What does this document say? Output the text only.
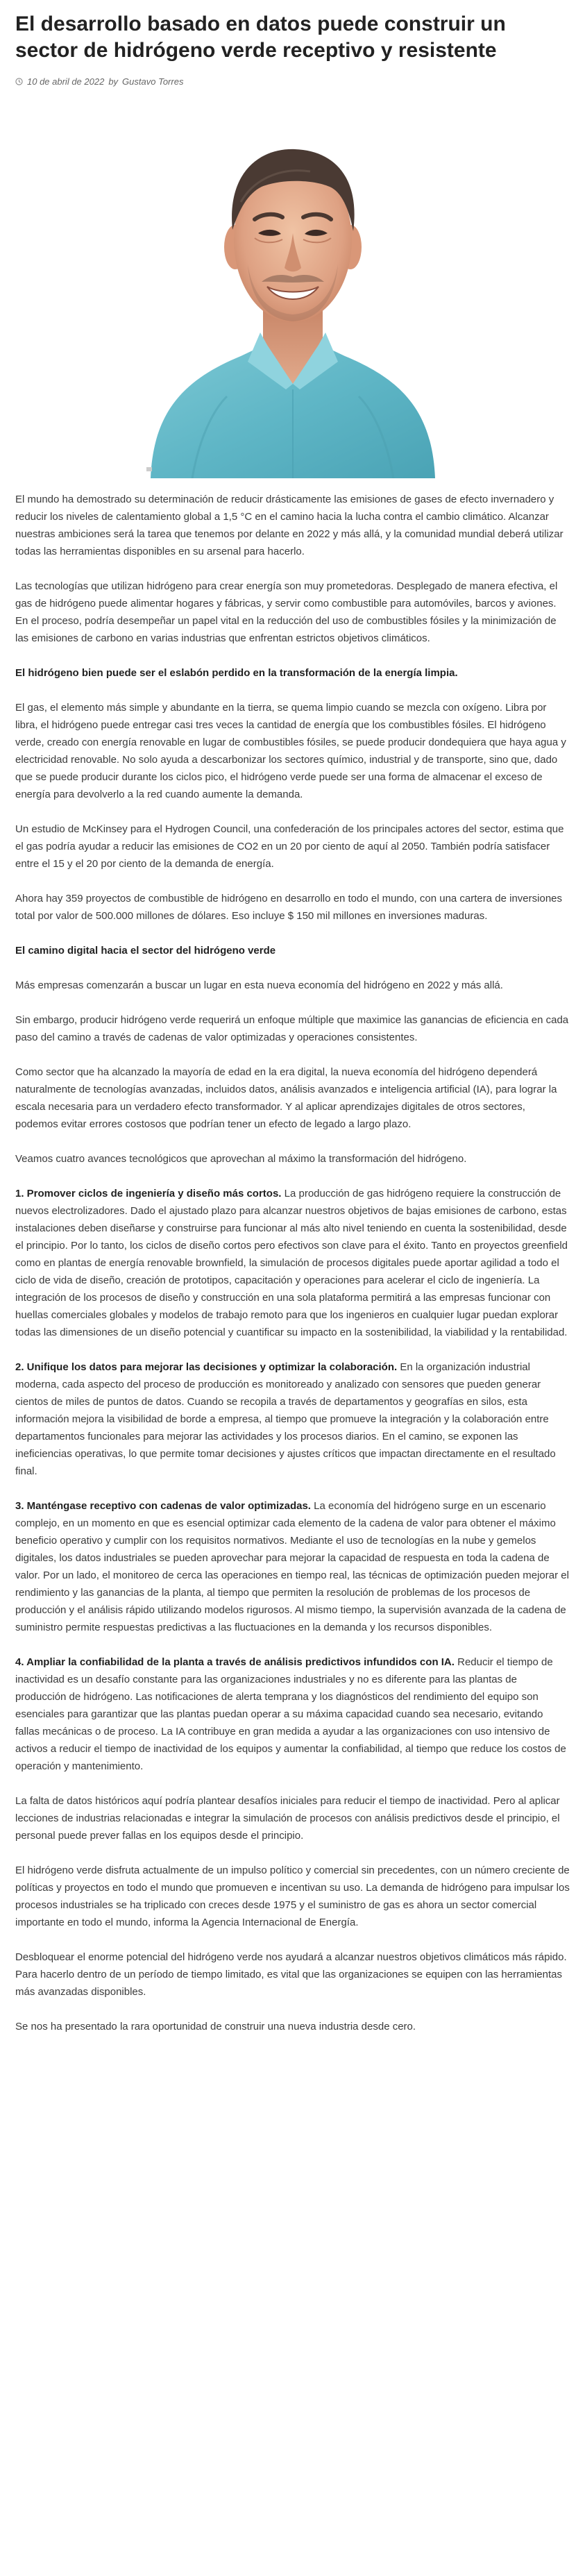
El desarrollo basado en datos puede construir un sector de hidrógeno verde receptivo y resistente
10 de abril de 2022 by Gustavo Torres

El mundo ha demostrado su determinación de reducir drásticamente las emisiones de gases de efecto invernadero y reducir los niveles de calentamiento global a 1,5 °C en el camino hacia la lucha contra el cambio climático. Alcanzar nuestras ambiciones será la tarea que tenemos por delante en 2022 y más allá, y la comunidad mundial deberá utilizar todas las herramientas disponibles en su arsenal para hacerlo.

Las tecnologías que utilizan hidrógeno para crear energía son muy prometedoras. Desplegado de manera efectiva, el gas de hidrógeno puede alimentar hogares y fábricas, y servir como combustible para automóviles, barcos y aviones. En el proceso, podría desempeñar un papel vital en la reducción del uso de combustibles fósiles y la minimización de las emisiones de carbono en varias industrias que enfrentan estrictos objetivos climáticos.

El hidrógeno bien puede ser el eslabón perdido en la transformación de la energía limpia.

El gas, el elemento más simple y abundante en la tierra, se quema limpio cuando se mezcla con oxígeno. Libra por libra, el hidrógeno puede entregar casi tres veces la cantidad de energía que los combustibles fósiles. El hidrógeno verde, creado con energía renovable en lugar de combustibles fósiles, se puede producir dondequiera que haya agua y electricidad renovable. No solo ayuda a descarbonizar los sectores químico, industrial y de transporte, sino que, dado que se puede producir durante los ciclos pico, el hidrógeno verde puede ser una forma de almacenar el exceso de energía para devolverlo a la red cuando aumente la demanda.

Un estudio de McKinsey para el Hydrogen Council, una confederación de los principales actores del sector, estima que el gas podría ayudar a reducir las emisiones de CO2 en un 20 por ciento de aquí al 2050. También podría satisfacer entre el 15 y el 20 por ciento de la demanda de energía.

Ahora hay 359 proyectos de combustible de hidrógeno en desarrollo en todo el mundo, con una cartera de inversiones total por valor de 500.000 millones de dólares. Eso incluye $ 150 mil millones en inversiones maduras.

El camino digital hacia el sector del hidrógeno verde

Más empresas comenzarán a buscar un lugar en esta nueva economía del hidrógeno en 2022 y más allá.

Sin embargo, producir hidrógeno verde requerirá un enfoque múltiple que maximice las ganancias de eficiencia en cada paso del camino a través de cadenas de valor optimizadas y operaciones consistentes.

Como sector que ha alcanzado la mayoría de edad en la era digital, la nueva economía del hidrógeno dependerá naturalmente de tecnologías avanzadas, incluidos datos, análisis avanzados e inteligencia artificial (IA), para lograr la escala necesaria para un verdadero efecto transformador. Y al aplicar aprendizajes digitales de otros sectores, podemos evitar errores costosos que podrían tener un efecto de legado a largo plazo.

Veamos cuatro avances tecnológicos que aprovechan al máximo la transformación del hidrógeno.

1. Promover ciclos de ingeniería y diseño más cortos. La producción de gas hidrógeno requiere la construcción de nuevos electrolizadores. Dado el ajustado plazo para alcanzar nuestros objetivos de bajas emisiones de carbono, estas instalaciones deben diseñarse y construirse para funcionar al más alto nivel teniendo en cuenta la sostenibilidad, desde el principio. Por lo tanto, los ciclos de diseño cortos pero efectivos son clave para el éxito. Tanto en proyectos greenfield como en plantas de energía renovable brownfield, la simulación de procesos digitales puede aportar agilidad a todo el ciclo de vida de diseño, creación de prototipos, capacitación y operaciones para acelerar el ciclo de ingeniería. La integración de los procesos de diseño y construcción en una sola plataforma permitirá a las empresas funcionar con huellas comerciales globales y modelos de trabajo remoto para que los ingenieros en cualquier lugar puedan explorar todas las dimensiones de un diseño potencial y cuantificar su impacto en la sostenibilidad, la viabilidad y la rentabilidad.

2. Unifique los datos para mejorar las decisiones y optimizar la colaboración. En la organización industrial moderna, cada aspecto del proceso de producción es monitoreado y analizado con sensores que pueden generar cientos de miles de puntos de datos. Cuando se recopila a través de departamentos y geografías en silos, esta información mejora la visibilidad de borde a empresa, al tiempo que promueve la integración y la colaboración entre departamentos funcionales para mejorar las actividades y los procesos diarios. En el camino, se exponen las ineficiencias operativas, lo que permite tomar decisiones y ajustes críticos que impactan directamente en el resultado final.

3. Manténgase receptivo con cadenas de valor optimizadas. La economía del hidrógeno surge en un escenario complejo, en un momento en que es esencial optimizar cada elemento de la cadena de valor para obtener el máximo beneficio operativo y cumplir con los requisitos normativos. Mediante el uso de tecnologías en la nube y gemelos digitales, los datos industriales se pueden aprovechar para mejorar la capacidad de respuesta en toda la cadena de valor. Por un lado, el monitoreo de cerca las operaciones en tiempo real, las técnicas de optimización pueden mejorar el rendimiento y las ganancias de la planta, al tiempo que permiten la resolución de problemas de los procesos de producción y el análisis rápido utilizando modelos rigurosos. Al mismo tiempo, la supervisión avanzada de la cadena de suministro permite respuestas predictivas a las fluctuaciones en la demanda y los recursos disponibles.

4. Ampliar la confiabilidad de la planta a través de análisis predictivos infundidos con IA. Reducir el tiempo de inactividad es un desafío constante para las organizaciones industriales y no es diferente para las plantas de producción de hidrógeno. Las notificaciones de alerta temprana y los diagnósticos del rendimiento del equipo son esenciales para garantizar que las plantas puedan operar a su máxima capacidad cuando sea necesario, evitando fallas mecánicas o de proceso. La IA contribuye en gran medida a ayudar a las organizaciones con uso intensivo de activos a reducir el tiempo de inactividad de los equipos y aumentar la confiabilidad, al tiempo que reduce los costos de operación y mantenimiento.

La falta de datos históricos aquí podría plantear desafíos iniciales para reducir el tiempo de inactividad. Pero al aplicar lecciones de industrias relacionadas e integrar la simulación de procesos con análisis predictivos desde el principio, el personal puede prever fallas en los equipos desde el principio.

El hidrógeno verde disfruta actualmente de un impulso político y comercial sin precedentes, con un número creciente de políticas y proyectos en todo el mundo que promueven e incentivan su uso. La demanda de hidrógeno para impulsar los procesos industriales se ha triplicado con creces desde 1975 y el suministro de gas es ahora un sector comercial importante en todo el mundo, informa la Agencia Internacional de Energía.

Desbloquear el enorme potencial del hidrógeno verde nos ayudará a alcanzar nuestros objetivos climáticos más rápido. Para hacerlo dentro de un período de tiempo limitado, es vital que las organizaciones se equipen con las herramientas más avanzadas disponibles.

Se nos ha presentado la rara oportunidad de construir una nueva industria desde cero.
